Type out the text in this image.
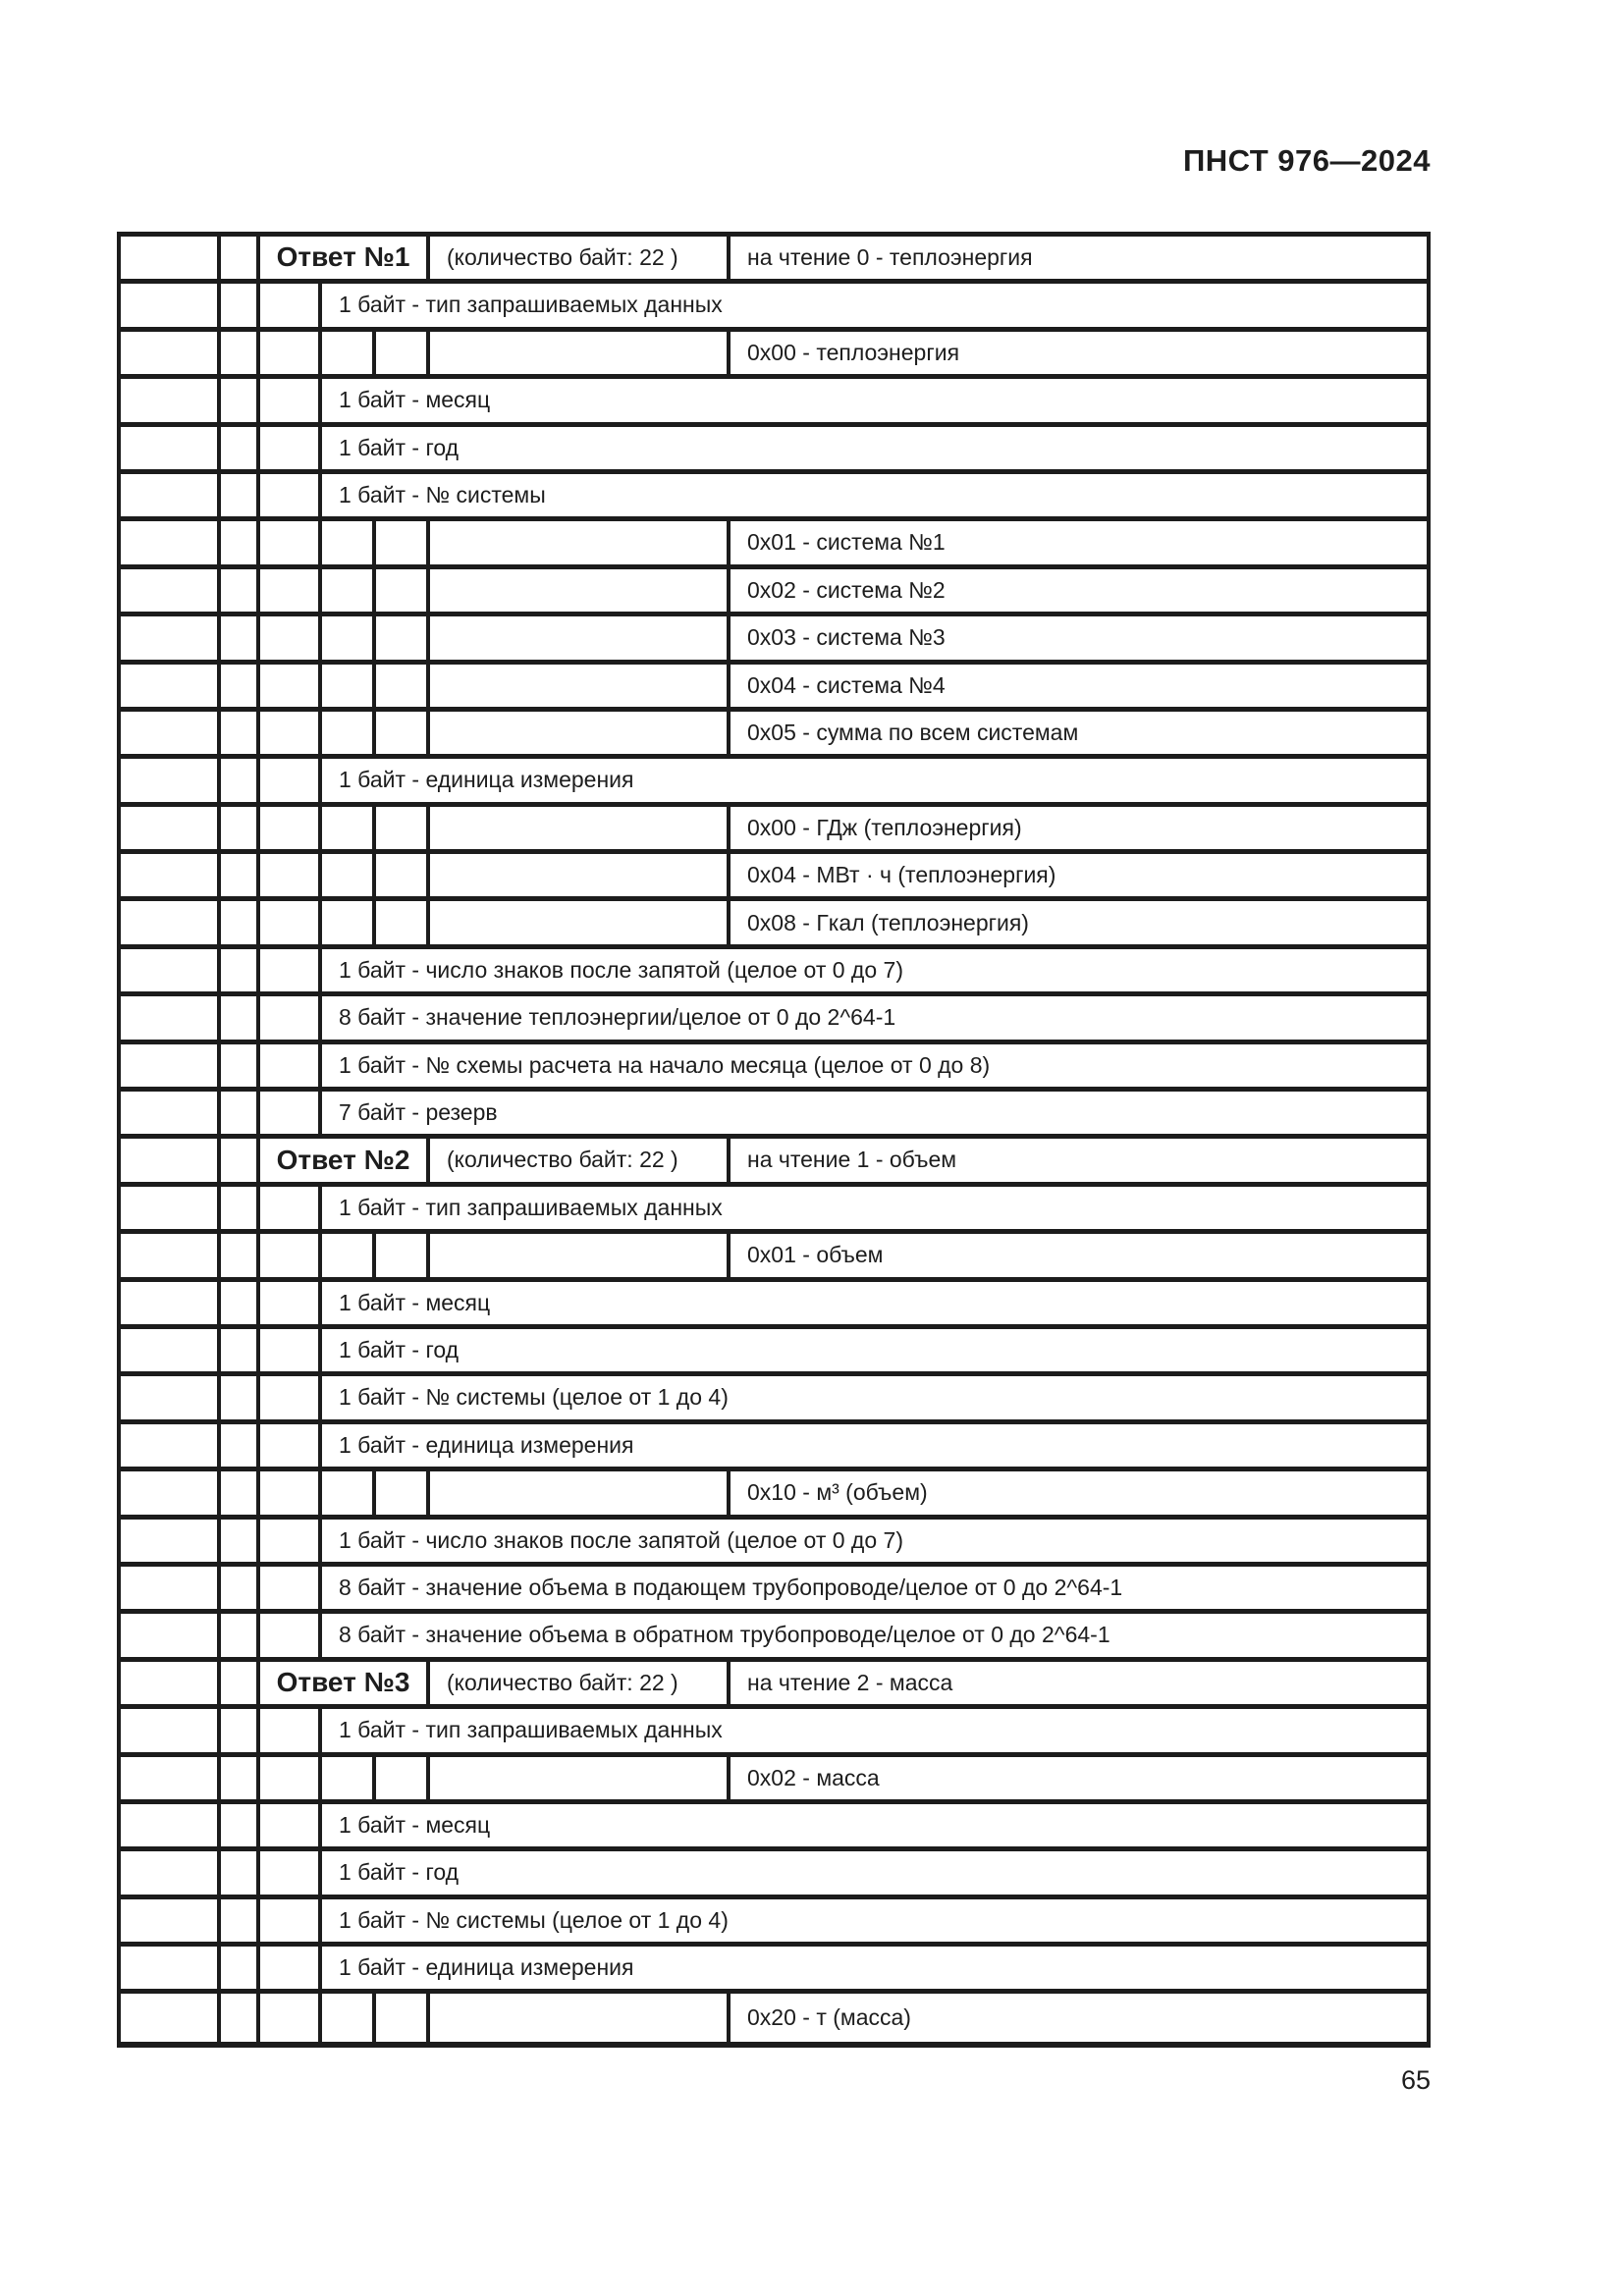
ПНСТ 976—2024
Ответ №1	(количество байт: 22 )	на чтение 0 - теплоэнергия
1 байт - тип запрашиваемых данных
0x00 - теплоэнергия
1 байт - месяц
1 байт - год
1 байт - № системы
0x01 - система №1
0x02 - система №2
0x03 - система №3
0x04 - система №4
0x05 - сумма по всем системам
1 байт - единица измерения
0x00 - ГДж (теплоэнергия)
0x04 - МВт · ч (теплоэнергия)
0x08 - Гкал (теплоэнергия)
1 байт - число знаков после запятой (целое от 0 до 7)
8 байт - значение теплоэнергии/целое от 0 до 2^64-1
1 байт - № схемы расчета на начало месяца (целое от 0 до 8)
7 байт - резерв
Ответ №2	(количество байт: 22 )	на чтение 1 - объем
1 байт - тип запрашиваемых данных
0x01 - объем
1 байт - месяц
1 байт - год
1 байт - № системы (целое от 1 до 4)
1 байт - единица измерения
0x10 - м³ (объем)
1 байт - число знаков после запятой (целое от 0 до 7)
8 байт - значение объема в подающем трубопроводе/целое от 0 до 2^64-1
8 байт - значение объема в обратном трубопроводе/целое от 0 до 2^64-1
Ответ №3	(количество байт: 22 )	на чтение 2 - масса
1 байт - тип запрашиваемых данных
0x02 - масса
1 байт - месяц
1 байт - год
1 байт - № системы (целое от 1 до 4)
1 байт - единица измерения
0x20 - т (масса)
65
